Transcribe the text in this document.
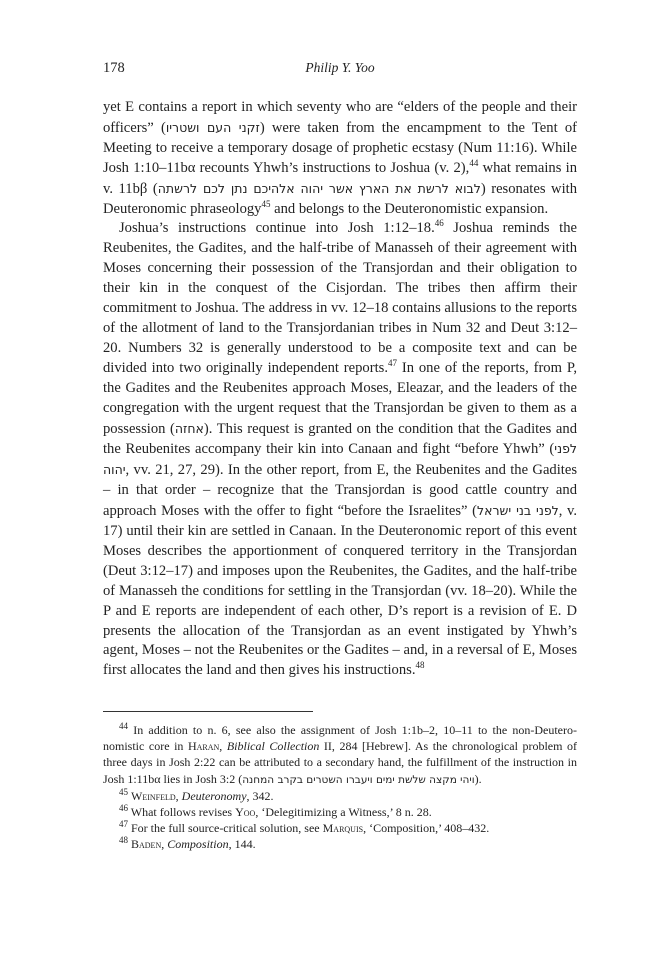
178	Philip Y. Yoo

yet E contains a report in which seventy who are “elders of the people and their officers” (זקני העם ושטריו) were taken from the encampment to the Tent of Meeting to receive a temporary dosage of prophetic ecstasy (Num 11:16). While Josh 1:10–11bα recounts Yhwh’s instructions to Joshua (v. 2),$^{44}$ what remains in v. 11bβ (לבוא לרשת את הארץ אשר יהוה אלהיכם נתן לכם לרשתה) resonates with Deuteronomic phraseology$^{45}$ and belongs to the Deuteronomistic expansion.

Joshua’s instructions continue into Josh 1:12–18.46 Joshua reminds the Reubenites, the Gadites, and the half-tribe of Manasseh of their agreement with Moses concerning their possession of the Transjordan and their obligation to their kin in the conquest of the Cisjordan. The tribes then affirm their commitment to Joshua. The address in vv. 12–18 contains allusions to the reports of the allotment of land to the Transjordanian tribes in Num 32 and Deut 3:12–20. Numbers 32 is generally understood to be a composite text and can be divided into two originally independent reports.$^{47}$ In one of the reports, from P, the Gadites and the Reubenites approach Moses, Eleazar, and the leaders of the congregation with the urgent request that the Transjordan be given to them as a possession (אחזה). This request is granted on the condition that the Gadites and the Reubenites accompany their kin into Canaan and fight “before Yhwh” (לפני יהוה, vv. 21, 27, 29). In the other report, from E, the Reubenites and the Gadites – in that order – recognize that the Transjordan is good cattle country and approach Moses with the offer to fight “before the Israelites” (לפני בני ישראל, v. 17) until their kin are settled in Canaan. In the Deuteronomic report of this event Moses describes the apportionment of conquered territory in the Transjordan (Deut 3:12–17) and imposes upon the Reubenites, the Gadites, and the half-tribe of Manasseh the conditions for settling in the Transjordan (vv. 18–20). While the P and E reports are independent of each other, D’s report is a revision of E. D presents the allocation of the Transjordan as an event instigated by Yhwh’s agent, Moses – not the Reubenites or the Gadites – and, in a reversal of E, Moses first allocates the land and then gives his instructions.$^{48}$

$^{44}$ In addition to n. 6, see also the assignment of Josh 1:1b–2, 10–11 to the non-Deuteronomistic core in Haran, Biblical Collection II, 284 [Hebrew]. As the chronological problem of three days in Josh 2:22 can be attributed to a secondary hand, the fulfillment of the instruction in Josh 1:11bα lies in Josh 3:2 (ויהי מקצה שלשת ימים ויעברו השטרים בקרב המחנה).

$^{45}$ Weinfeld, Deuteronomy, 342.

$^{46}$ What follows revises Yoo, ‘Delegitimizing a Witness,’ 8 n. 28.

$^{47}$ For the full source-critical solution, see Marquis, ‘Composition,’ 408–432.

$^{48}$ Baden, Composition, 144.
